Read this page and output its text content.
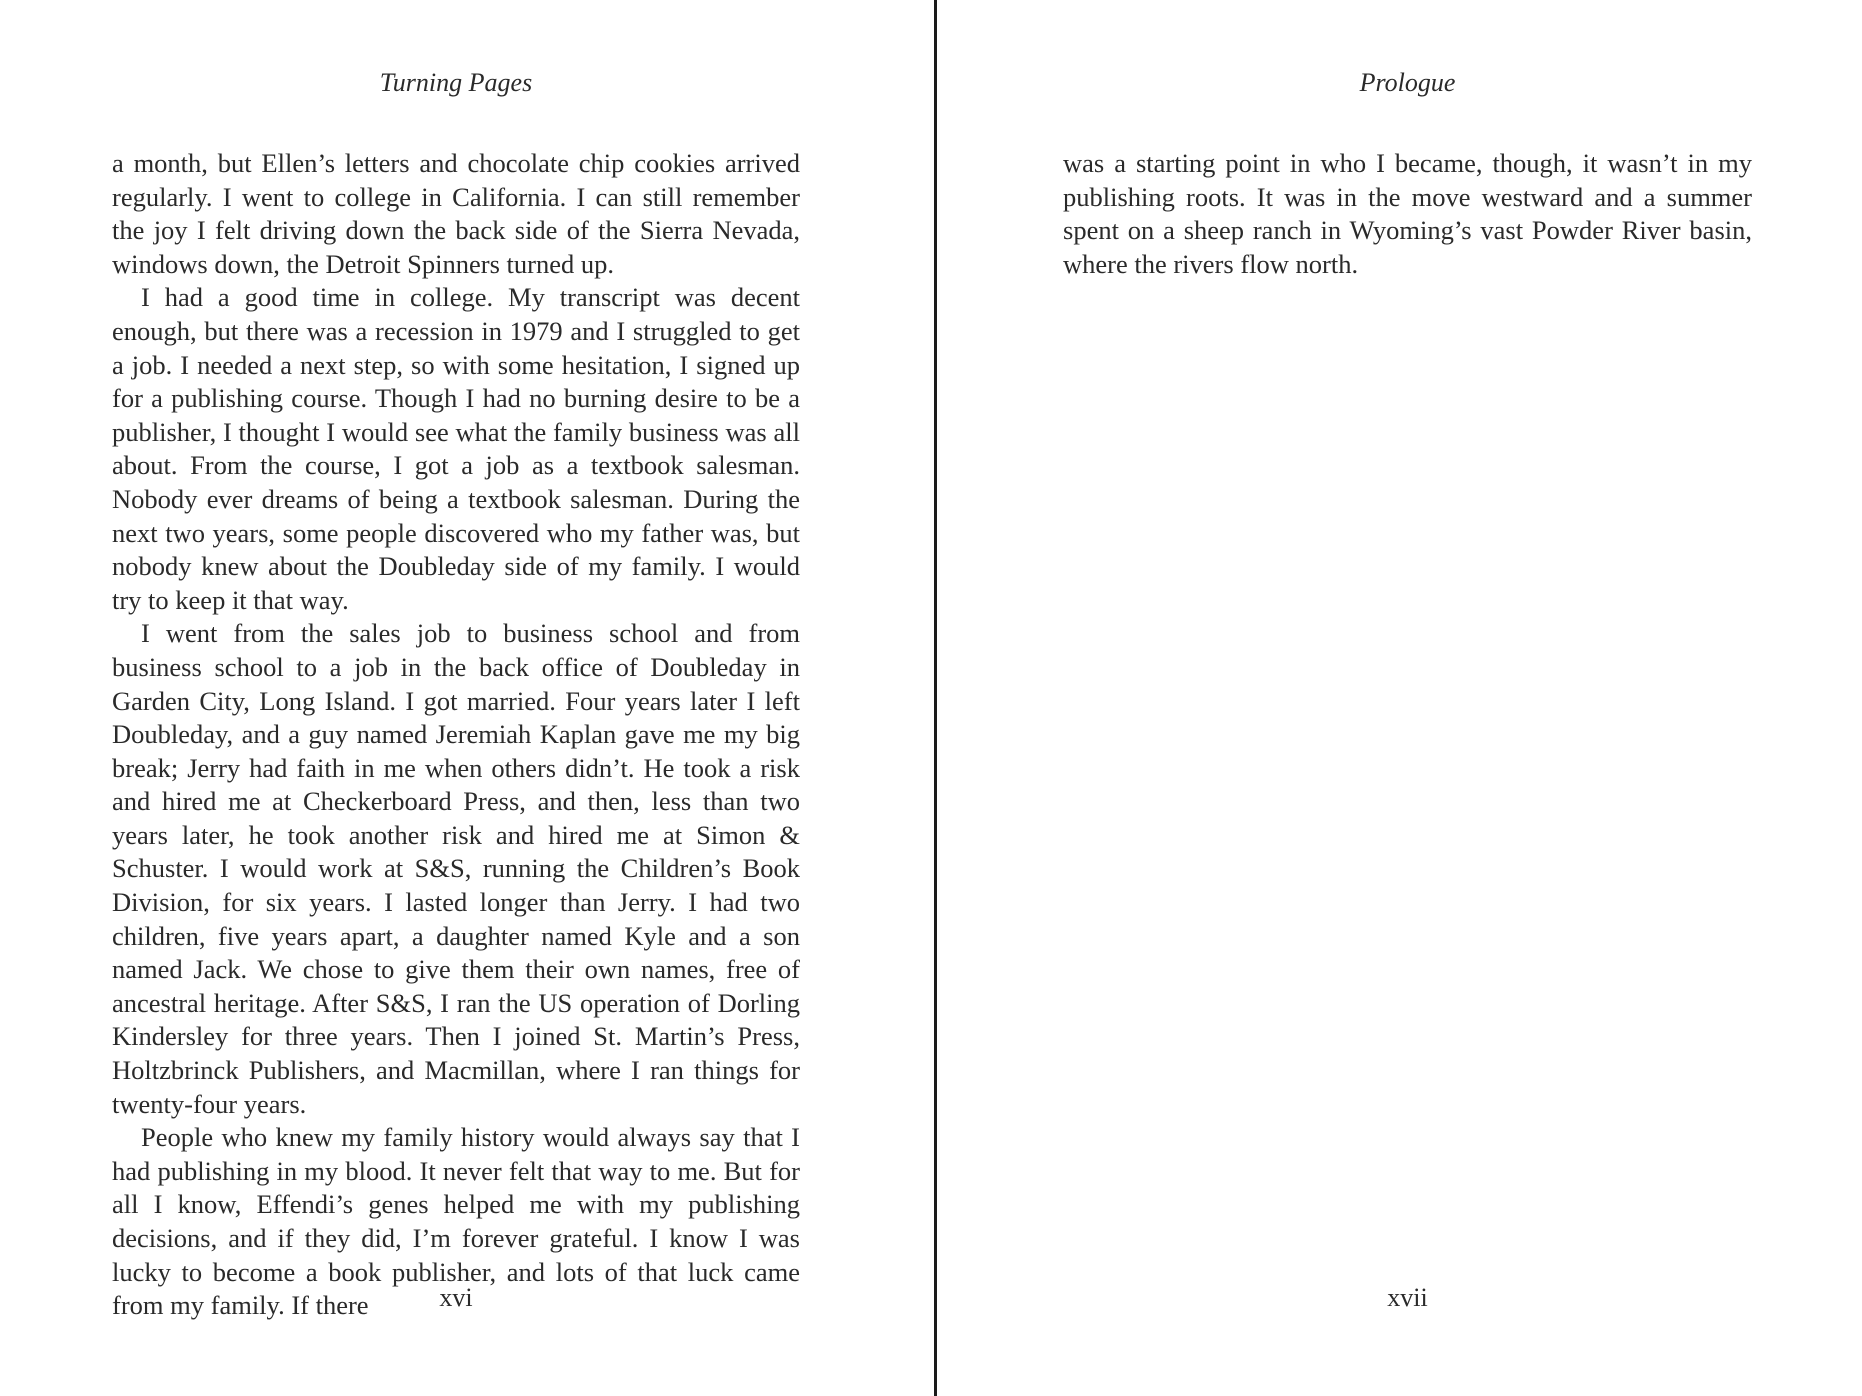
Turning Pages

a month, but Ellen’s letters and chocolate chip cookies arrived regularly. I went to college in California. I can still remember the joy I felt driving down the back side of the Sierra Nevada, windows down, the Detroit Spinners turned up.

I had a good time in college. My transcript was decent enough, but there was a recession in 1979 and I struggled to get a job. I needed a next step, so with some hesitation, I signed up for a publishing course. Though I had no burning desire to be a publisher, I thought I would see what the family business was all about. From the course, I got a job as a textbook salesman. Nobody ever dreams of being a textbook salesman. During the next two years, some people discovered who my father was, but nobody knew about the Doubleday side of my family. I would try to keep it that way.

I went from the sales job to business school and from business school to a job in the back office of Doubleday in Garden City, Long Island. I got married. Four years later I left Doubleday, and a guy named Jeremiah Kaplan gave me my big break; Jerry had faith in me when others didn’t. He took a risk and hired me at Checkerboard Press, and then, less than two years later, he took another risk and hired me at Simon & Schuster. I would work at S&S, running the Children’s Book Division, for six years. I lasted longer than Jerry. I had two children, five years apart, a daughter named Kyle and a son named Jack. We chose to give them their own names, free of ancestral heritage. After S&S, I ran the US operation of Dorling Kindersley for three years. Then I joined St. Martin’s Press, Holtzbrinck Publishers, and Macmillan, where I ran things for twenty-four years.

People who knew my family history would always say that I had publishing in my blood. It never felt that way to me. But for all I know, Effendi’s genes helped me with my publishing decisions, and if they did, I’m forever grateful. I know I was lucky to become a book publisher, and lots of that luck came from my family. If there	xvi
Prologue

was a starting point in who I became, though, it wasn’t in my publishing roots. It was in the move westward and a summer spent on a sheep ranch in Wyoming’s vast Powder River basin, where the rivers flow north.

xvii
